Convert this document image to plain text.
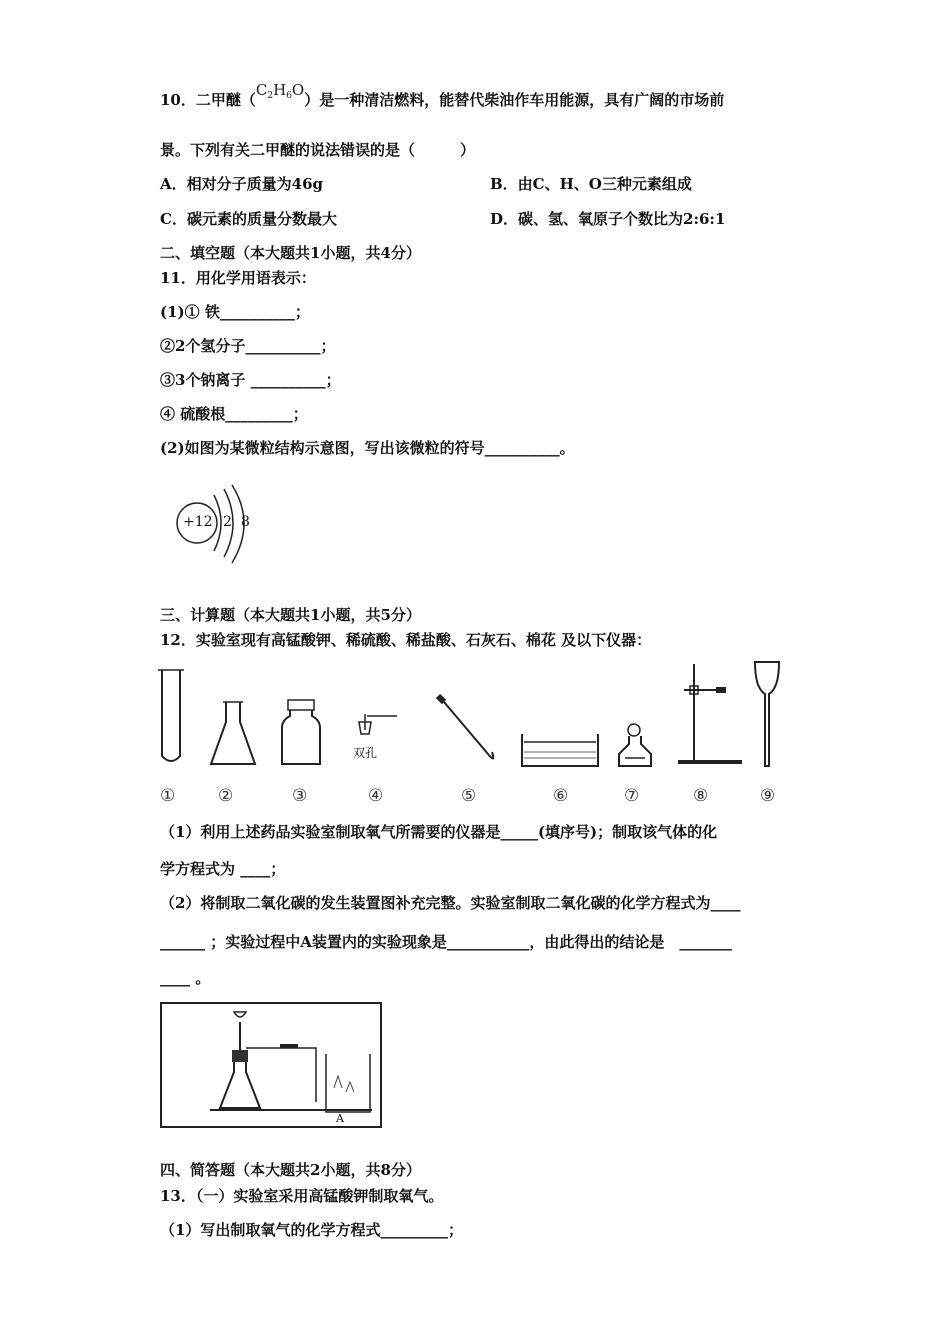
10．二甲醚$(C_2H_6O)$是一种清洁燃料，能替代柴油作车用能源，具有广阔的市场前
景。下列有关二甲醚的说法错误的是（　　　）
A．相对分子质量为46g	B．由C、H、O三种元素组成
C．碳元素的质量分数最大	D．碳、氢、氧原子个数比为2:6:1
二、填空题（本大题共1小题，共4分）
11．用化学用语表示：
(1)① 铁__________；
②2个氢分子__________；
③3个钠离子 __________；
④ 硫酸根_________；
(2)如图为某微粒结构示意图，写出该微粒的符号__________。
+12 2 8
三、计算题（本大题共1小题，共5分）
12．实验室现有高锰酸钾、稀硫酸、稀盐酸、石灰石、棉花 及以下仪器：
双孔
①	②	③	④	⑤	⑥	⑦	⑧	⑨
（1）利用上述药品实验室制取氧气所需要的仪器是_____(填序号)；制取该气体的化
学方程式为 ____；
（2）将制取二氧化碳的发生装置图补充完整。实验室制取二氧化碳的化学方程式为____
______ ；实验过程中A装置内的实验现象是___________，由此得出的结论是　_______
____ 。
A
四、简答题（本大题共2小题，共8分）
13．（一）实验室采用高锰酸钾制取氧气。
（1）写出制取氧气的化学方程式_________；
